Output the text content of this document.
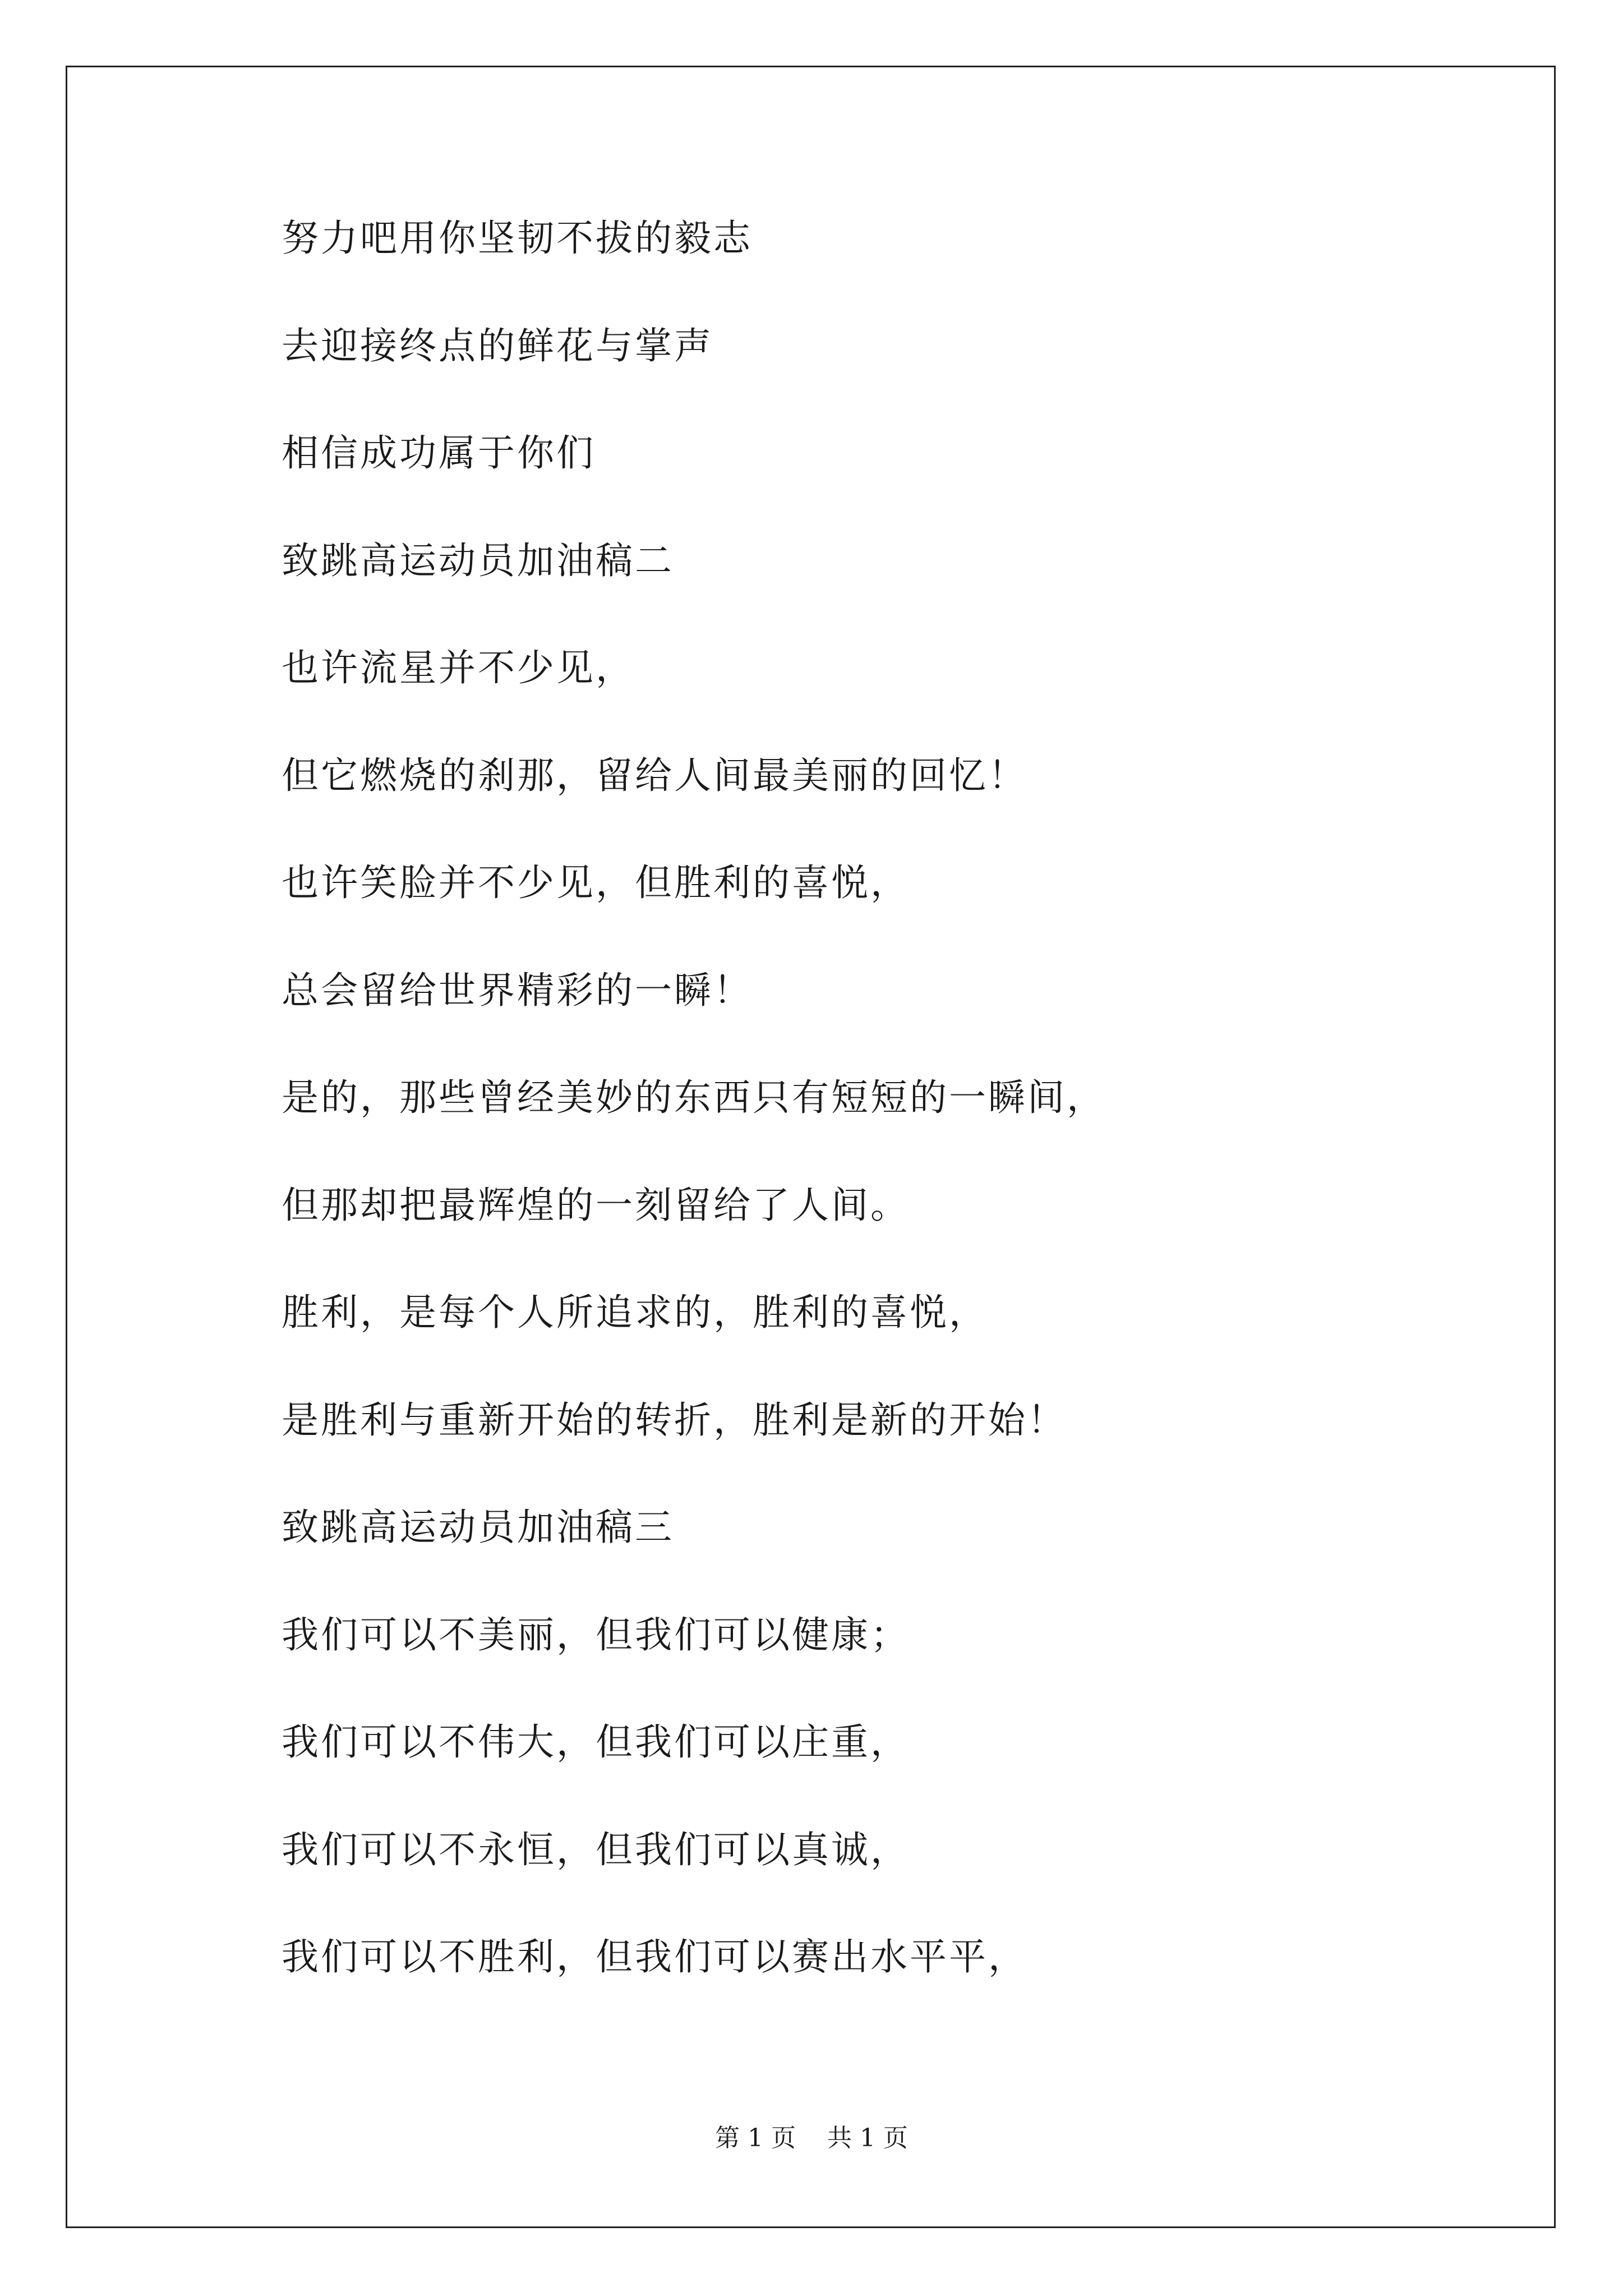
努力吧用你坚韧不拔的毅志
去迎接终点的鲜花与掌声
相信成功属于你们
致跳高运动员加油稿二
也许流星并不少见，
但它燃烧的刹那，留给人间最美丽的回忆！
也许笑脸并不少见，但胜利的喜悦，
总会留给世界精彩的一瞬！
是的，那些曾经美妙的东西只有短短的一瞬间，
但那却把最辉煌的一刻留给了人间。
胜利，是每个人所追求的，胜利的喜悦，
是胜利与重新开始的转折，胜利是新的开始！
致跳高运动员加油稿三
我们可以不美丽，但我们可以健康；
我们可以不伟大，但我们可以庄重，
我们可以不永恒，但我们可以真诚，
我们可以不胜利，但我们可以赛出水平平，
第 1 页    共 1 页
